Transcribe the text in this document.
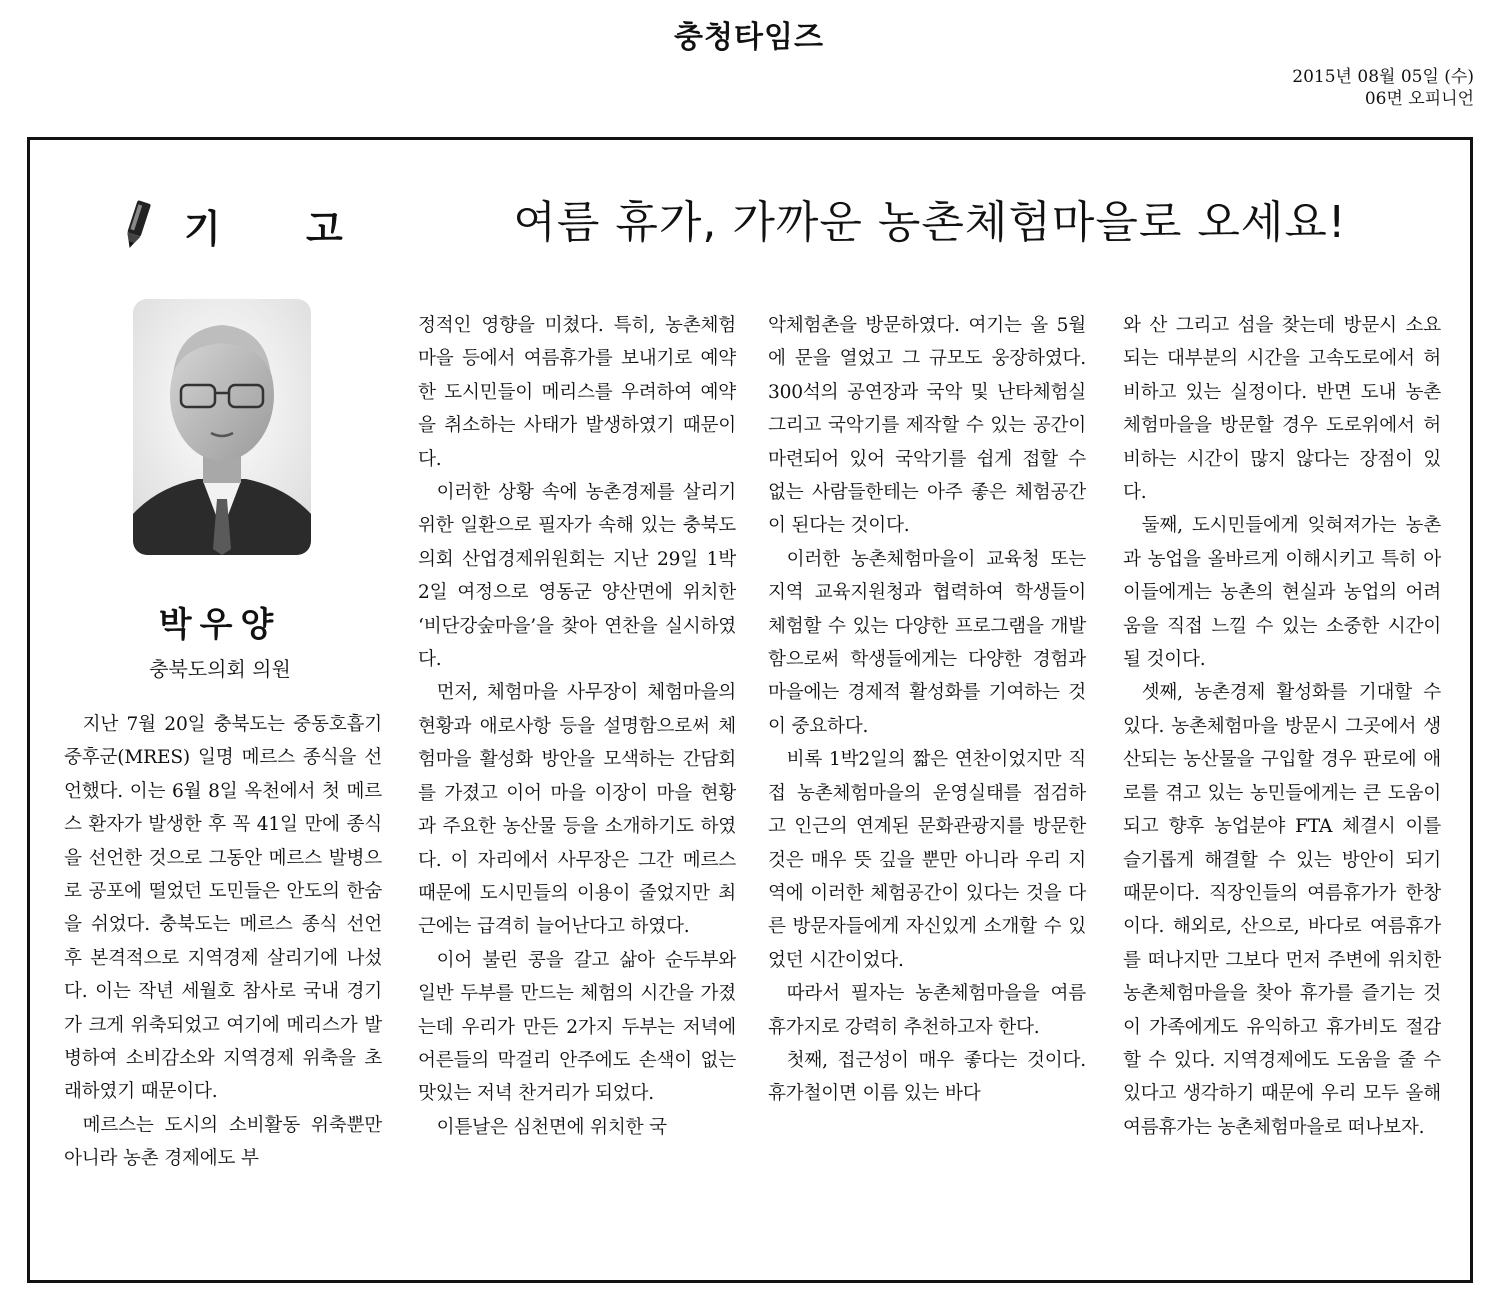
충청타임즈
2015년 08월 05일 (수)
06면 오피니언
기 고	여름 휴가, 가까운 농촌체험마을로 오세요!
박우양
충북도의회 의원

지난 7월 20일 충북도는 중동호흡기중후군(MRES) 일명 메르스 종식을 선언했다. 이는 6월 8일 옥천에서 첫 메르스 환자가 발생한 후 꼭 41일 만에 종식을 선언한 것으로 그동안 메르스 발병으로 공포에 떨었던 도민들은 안도의 한숨을 쉬었다. 충북도는 메르스 종식 선언 후 본격적으로 지역경제 살리기에 나섰다. 이는 작년 세월호 참사로 국내 경기가 크게 위축되었고 여기에 메리스가 발병하여 소비감소와 지역경제 위축을 초래하였기 때문이다.

메르스는 도시의 소비활동 위축뿐만 아니라 농촌 경제에도 부

정적인 영향을 미쳤다. 특히, 농촌체험마을 등에서 여름휴가를 보내기로 예약한 도시민들이 메리스를 우려하여 예약을 취소하는 사태가 발생하였기 때문이다.

이러한 상황 속에 농촌경제를 살리기 위한 일환으로 필자가 속해 있는 충북도의회 산업경제위원회는 지난 29일 1박2일 여정으로 영동군 양산면에 위치한 ‘비단강숲마을’을 찾아 연찬을 실시하였다.

먼저, 체험마을 사무장이 체험마을의 현황과 애로사항 등을 설명함으로써 체험마을 활성화 방안을 모색하는 간담회를 가졌고 이어 마을 이장이 마을 현황과 주요한 농산물 등을 소개하기도 하였다. 이 자리에서 사무장은 그간 메르스 때문에 도시민들의 이용이 줄었지만 최근에는 급격히 늘어난다고 하였다.

이어 불린 콩을 갈고 삶아 순두부와 일반 두부를 만드는 체험의 시간을 가졌는데 우리가 만든 2가지 두부는 저녁에 어른들의 막걸리 안주에도 손색이 없는 맛있는 저녁 찬거리가 되었다.

이튿날은 심천면에 위치한 국

악체험촌을 방문하였다. 여기는 올 5월에 문을 열었고 그 규모도 웅장하였다. 300석의 공연장과 국악 및 난타체험실 그리고 국악기를 제작할 수 있는 공간이 마련되어 있어 국악기를 쉽게 접할 수 없는 사람들한테는 아주 좋은 체험공간이 된다는 것이다.

이러한 농촌체험마을이 교육청 또는 지역 교육지원청과 협력하여 학생들이 체험할 수 있는 다양한 프로그램을 개발함으로써 학생들에게는 다양한 경험과 마을에는 경제적 활성화를 기여하는 것이 중요하다.

비록 1박2일의 짧은 연찬이었지만 직접 농촌체험마을의 운영실태를 점검하고 인근의 연계된 문화관광지를 방문한 것은 매우 뜻 깊을 뿐만 아니라 우리 지역에 이러한 체험공간이 있다는 것을 다른 방문자들에게 자신있게 소개할 수 있었던 시간이었다.

따라서 필자는 농촌체험마을을 여름 휴가지로 강력히 추천하고자 한다.

첫째, 접근성이 매우 좋다는 것이다. 휴가철이면 이름 있는 바다

와 산 그리고 섬을 찾는데 방문시 소요되는 대부분의 시간을 고속도로에서 허비하고 있는 실정이다. 반면 도내 농촌체험마을을 방문할 경우 도로위에서 허비하는 시간이 많지 않다는 장점이 있다.

둘째, 도시민들에게 잊혀져가는 농촌과 농업을 올바르게 이해시키고 특히 아이들에게는 농촌의 현실과 농업의 어려움을 직접 느낄 수 있는 소중한 시간이 될 것이다.

셋째, 농촌경제 활성화를 기대할 수 있다. 농촌체험마을 방문시 그곳에서 생산되는 농산물을 구입할 경우 판로에 애로를 겪고 있는 농민들에게는 큰 도움이 되고 향후 농업분야 FTA 체결시 이를 슬기롭게 해결할 수 있는 방안이 되기 때문이다. 직장인들의 여름휴가가 한창이다. 해외로, 산으로, 바다로 여름휴가를 떠나지만 그보다 먼저 주변에 위치한 농촌체험마을을 찾아 휴가를 즐기는 것이 가족에게도 유익하고 휴가비도 절감할 수 있다. 지역경제에도 도움을 줄 수 있다고 생각하기 때문에 우리 모두 올해 여름휴가는 농촌체험마을로 떠나보자.
